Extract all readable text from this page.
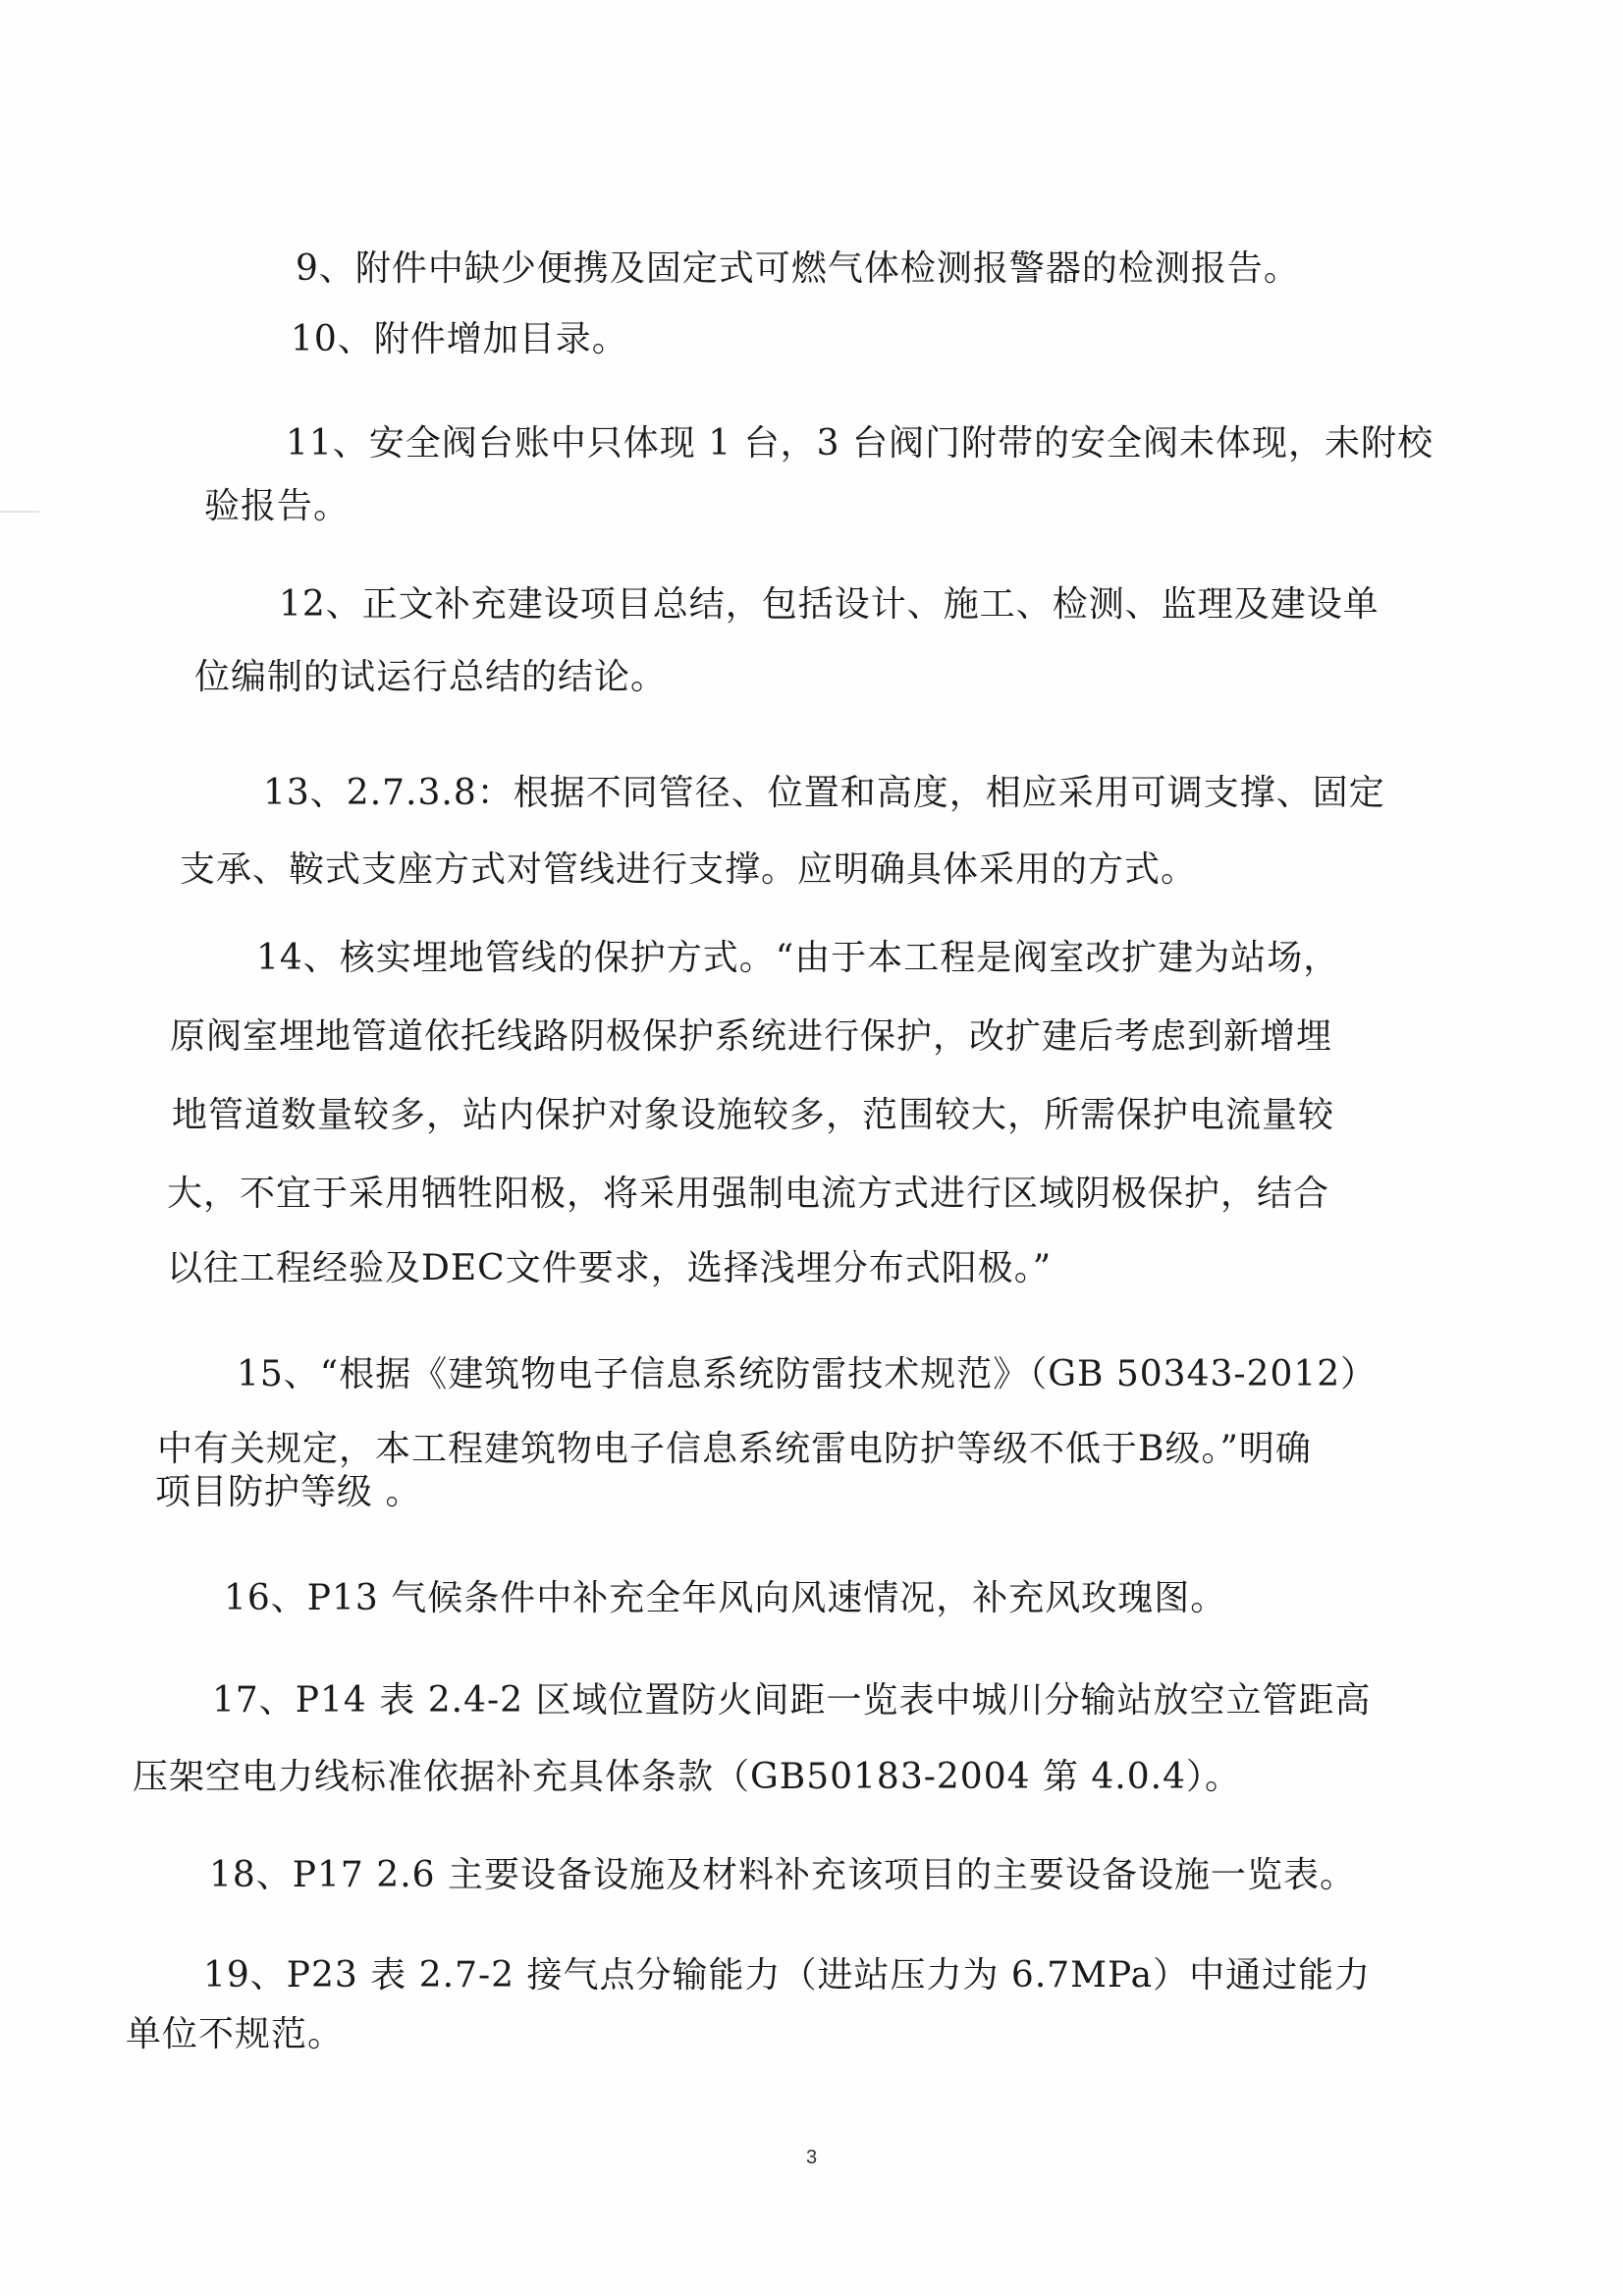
9、附件中缺少便携及固定式可燃气体检测报警器的检测报告。
10、附件增加目录。
11、安全阀台账中只体现 1 台，3 台阀门附带的安全阀未体现，未附校
验报告。
12、正文补充建设项目总结，包括设计、施工、检测、监理及建设单
位编制的试运行总结的结论。
13、2.7.3.8：根据不同管径、位置和高度，相应采用可调支撑、固定
支承、鞍式支座方式对管线进行支撑。应明确具体采用的方式。
14、核实埋地管线的保护方式。“由于本工程是阀室改扩建为站场，
原阀室埋地管道依托线路阴极保护系统进行保护，改扩建后考虑到新增埋
地管道数量较多，站内保护对象设施较多，范围较大，所需保护电流量较
大，不宜于采用牺牲阳极，将采用强制电流方式进行区域阴极保护，结合
以往工程经验及DEC文件要求，选择浅埋分布式阳极。”
15、“根据《建筑物电子信息系统防雷技术规范》（GB 50343-2012）
中有关规定，本工程建筑物电子信息系统雷电防护等级不低于B级。”明确
项目防护等级 。
16、P13 气候条件中补充全年风向风速情况，补充风玫瑰图。
17、P14 表 2.4-2 区域位置防火间距一览表中城川分输站放空立管距高
压架空电力线标准依据补充具体条款（GB50183-2004 第 4.0.4）。
18、P17 2.6 主要设备设施及材料补充该项目的主要设备设施一览表。
19、P23 表 2.7-2 接气点分输能力（进站压力为 6.7MPa）中通过能力
单位不规范。
3
